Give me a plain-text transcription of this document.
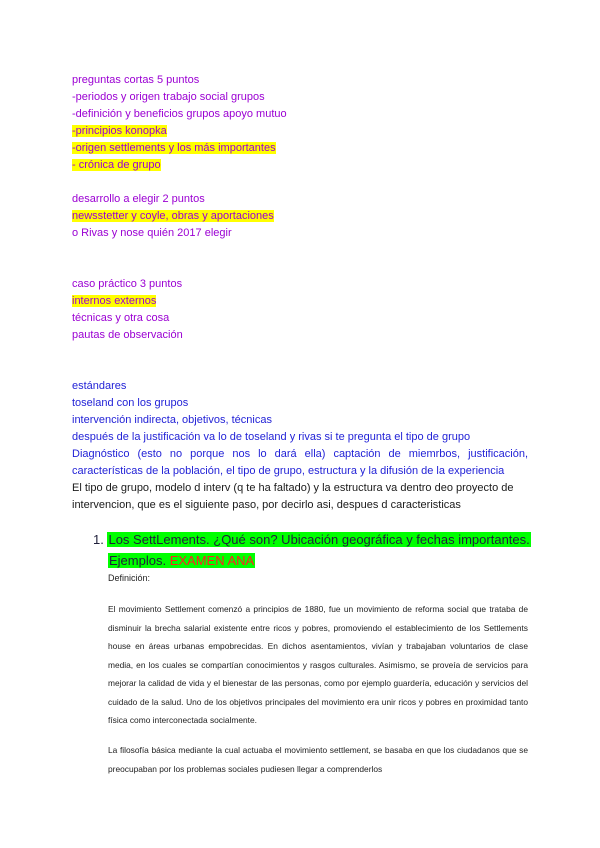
preguntas cortas 5 puntos
-periodos y origen trabajo social grupos
-definición y beneficios grupos apoyo mutuo
-principios konopka
-origen settlements y los más importantes
- crónica de grupo
desarrollo a elegir 2 puntos
newsstetter y coyle, obras y aportaciones
o Rivas y nose quién 2017 elegir
caso práctico 3 puntos
internos externos
técnicas y otra cosa
pautas de observación
estándares
toseland con los grupos
intervención indirecta, objetivos, técnicas
después de la justificación va lo de toseland y rivas si te pregunta el tipo de grupo
Diagnóstico (esto no porque nos lo dará ella) captación de miemrbos, justificación,
características de la población, el tipo de grupo, estructura y la difusión de la experiencia
El tipo de grupo, modelo d interv (q te ha faltado) y la estructura va dentro deo proyecto de
intervencion, que es el siguiente paso, por decirlo asi, despues d caracteristicas
1. Los SettLements. ¿Qué son? Ubicación geográfica y fechas importantes.
Ejemplos. EXAMEN ANA
Definición:

El movimiento Settlement comenzó a principios de 1880, fue un movimiento de reforma social que trataba de disminuir la brecha salarial existente entre ricos y pobres, promoviendo el establecimiento de los Settlements house en áreas urbanas empobrecidas. En dichos asentamientos, vivían y trabajaban voluntarios de clase media, en los cuales se compartían conocimientos y rasgos culturales. Asimismo, se proveía de servicios para mejorar la calidad de vida y el bienestar de las personas, como por ejemplo guardería, educación y servicios del cuidado de la salud. Uno de los objetivos principales del movimiento era unir ricos y pobres en proximidad tanto física como interconectada socialmente.

La filosofía básica mediante la cual actuaba el movimiento settlement, se basaba en que los ciudadanos que se preocupaban por los problemas sociales pudiesen llegar a comprenderlos
